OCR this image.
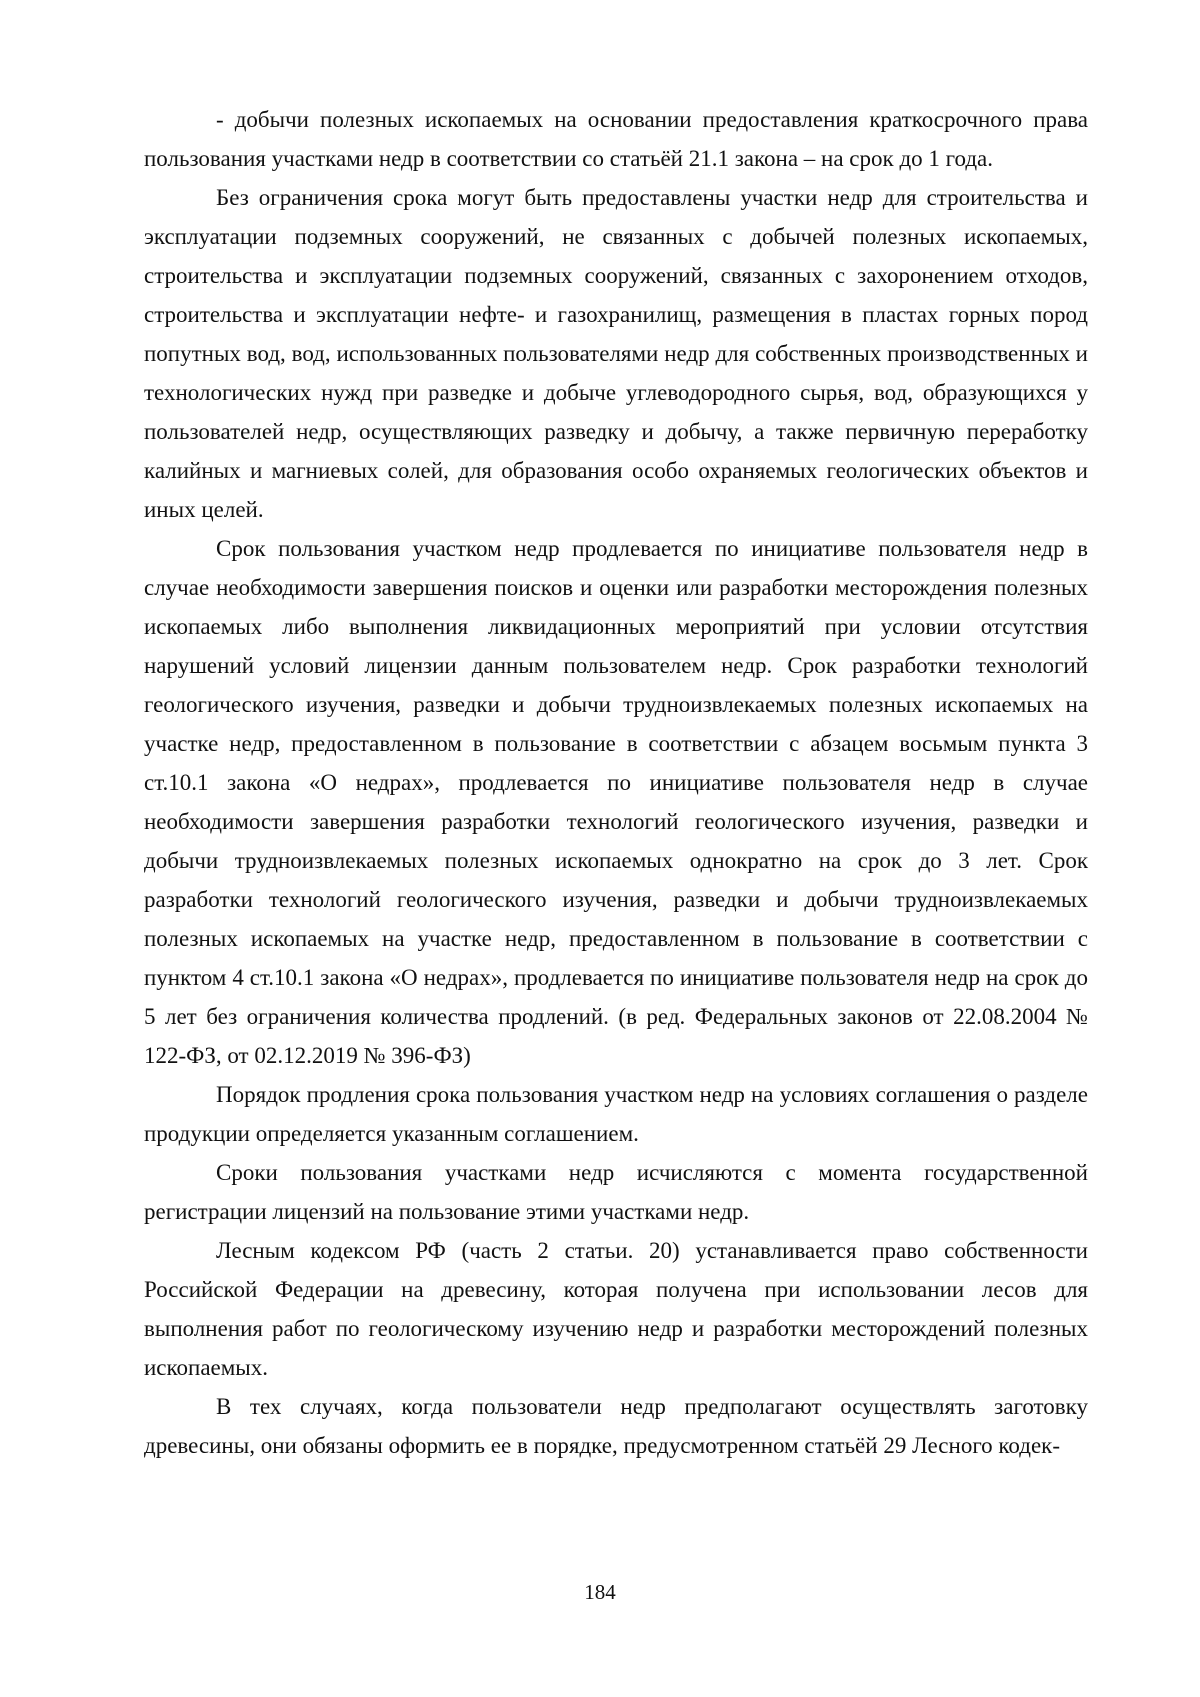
- добычи полезных ископаемых на основании предоставления краткосрочного права пользования участками недр в соответствии со статьёй 21.1 закона – на срок до 1 года.

Без ограничения срока могут быть предоставлены участки недр для строительства и эксплуатации подземных сооружений, не связанных с добычей полезных ископаемых, строительства и эксплуатации подземных сооружений, связанных с захоронением отходов, строительства и эксплуатации нефте- и газохранилищ, размещения в пластах горных пород попутных вод, вод, использованных пользователями недр для собственных производственных и технологических нужд при разведке и добыче углеводородного сырья, вод, образующихся у пользователей недр, осуществляющих разведку и добычу, а также первичную переработку калийных и магниевых солей, для образования особо охраняемых геологических объектов и иных целей.

Срок пользования участком недр продлевается по инициативе пользователя недр в случае необходимости завершения поисков и оценки или разработки месторождения полезных ископаемых либо выполнения ликвидационных мероприятий при условии отсутствия нарушений условий лицензии данным пользователем недр. Срок разработки технологий геологического изучения, разведки и добычи трудноизвлекаемых полезных ископаемых на участке недр, предоставленном в пользование в соответствии с абзацем восьмым пункта 3 ст.10.1 закона «О недрах», продлевается по инициативе пользователя недр в случае необходимости завершения разработки технологий геологического изучения, разведки и добычи трудноизвлекаемых полезных ископаемых однократно на срок до 3 лет. Срок разработки технологий геологического изучения, разведки и добычи трудноизвлекаемых полезных ископаемых на участке недр, предоставленном в пользование в соответствии с пунктом 4 ст.10.1 закона «О недрах», продлевается по инициативе пользователя недр на срок до 5 лет без ограничения количества продлений. (в ред. Федеральных законов от 22.08.2004 № 122-ФЗ, от 02.12.2019 № 396-ФЗ)

Порядок продления срока пользования участком недр на условиях соглашения о разделе продукции определяется указанным соглашением.

Сроки пользования участками недр исчисляются с момента государственной регистрации лицензий на пользование этими участками недр.

Лесным кодексом РФ (часть 2 статьи. 20) устанавливается право собственности Российской Федерации на древесину, которая получена при использовании лесов для выполнения работ по геологическому изучению недр и разработки месторождений полезных ископаемых.

В тех случаях, когда пользователи недр предполагают осуществлять заготовку древесины, они обязаны оформить ее в порядке, предусмотренном статьёй 29 Лесного кодек-

184
